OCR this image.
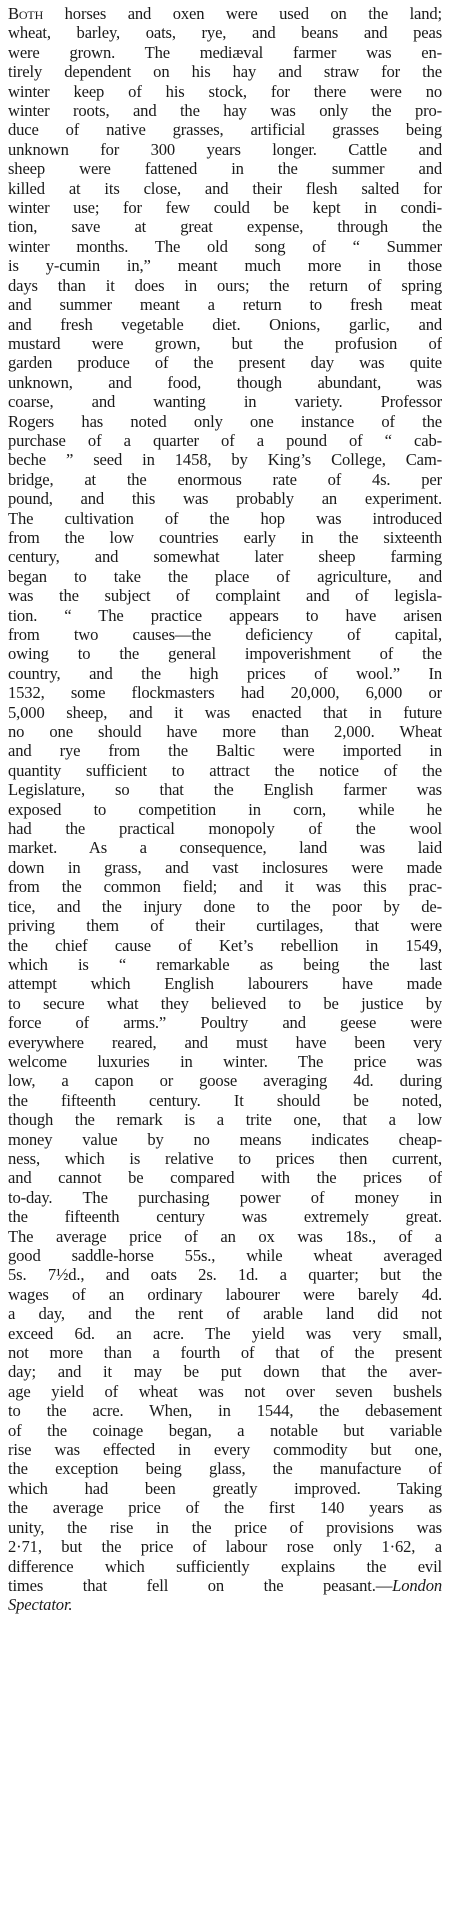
Both horses and oxen were used on the land;
wheat, barley, oats, rye, and beans and peas
were grown. The mediæval farmer was en-
tirely dependent on his hay and straw for the
winter keep of his stock, for there were no
winter roots, and the hay was only the pro-
duce of native grasses, artificial grasses being
unknown for 300 years longer. Cattle and
sheep were fattened in the summer and
killed at its close, and their flesh salted for
winter use; for few could be kept in condi-
tion, save at great expense, through the
winter months. The old song of “ Summer
is y-cumin in,” meant much more in those
days than it does in ours; the return of spring
and summer meant a return to fresh meat
and fresh vegetable diet. Onions, garlic, and
mustard were grown, but the profusion of
garden produce of the present day was quite
unknown, and food, though abundant, was
coarse, and wanting in variety. Professor
Rogers has noted only one instance of the
purchase of a quarter of a pound of “ cab-
beche ” seed in 1458, by King’s College, Cam-
bridge, at the enormous rate of 4s. per
pound, and this was probably an experiment.
The cultivation of the hop was introduced
from the low countries early in the sixteenth
century, and somewhat later sheep farming
began to take the place of agriculture, and
was the subject of complaint and of legisla-
tion. “ The practice appears to have arisen
from two causes—the deficiency of capital,
owing to the general impoverishment of the
country, and the high prices of wool.” In
1532, some flockmasters had 20,000, 6,000 or
5,000 sheep, and it was enacted that in future
no one should have more than 2,000. Wheat
and rye from the Baltic were imported in
quantity sufficient to attract the notice of the
Legislature, so that the English farmer was
exposed to competition in corn, while he
had the practical monopoly of the wool
market. As a consequence, land was laid
down in grass, and vast inclosures were made
from the common field; and it was this prac-
tice, and the injury done to the poor by de-
priving them of their curtilages, that were
the chief cause of Ket’s rebellion in 1549,
which is “ remarkable as being the last
attempt which English labourers have made
to secure what they believed to be justice by
force of arms.” Poultry and geese were
everywhere reared, and must have been very
welcome luxuries in winter. The price was
low, a capon or goose averaging 4d. during
the fifteenth century. It should be noted,
though the remark is a trite one, that a low
money value by no means indicates cheap-
ness, which is relative to prices then current,
and cannot be compared with the prices of
to-day. The purchasing power of money in
the fifteenth century was extremely great.
The average price of an ox was 18s., of a
good saddle-horse 55s., while wheat averaged
5s. 7½d., and oats 2s. 1d. a quarter; but the
wages of an ordinary labourer were barely 4d.
a day, and the rent of arable land did not
exceed 6d. an acre. The yield was very small,
not more than a fourth of that of the present
day; and it may be put down that the aver-
age yield of wheat was not over seven bushels
to the acre. When, in 1544, the debasement
of the coinage began, a notable but variable
rise was effected in every commodity but one,
the exception being glass, the manufacture of
which had been greatly improved. Taking
the average price of the first 140 years as
unity, the rise in the price of provisions was
2·71, but the price of labour rose only 1·62, a
difference which sufficiently explains the evil
times that fell on the peasant.—London
Spectator.
